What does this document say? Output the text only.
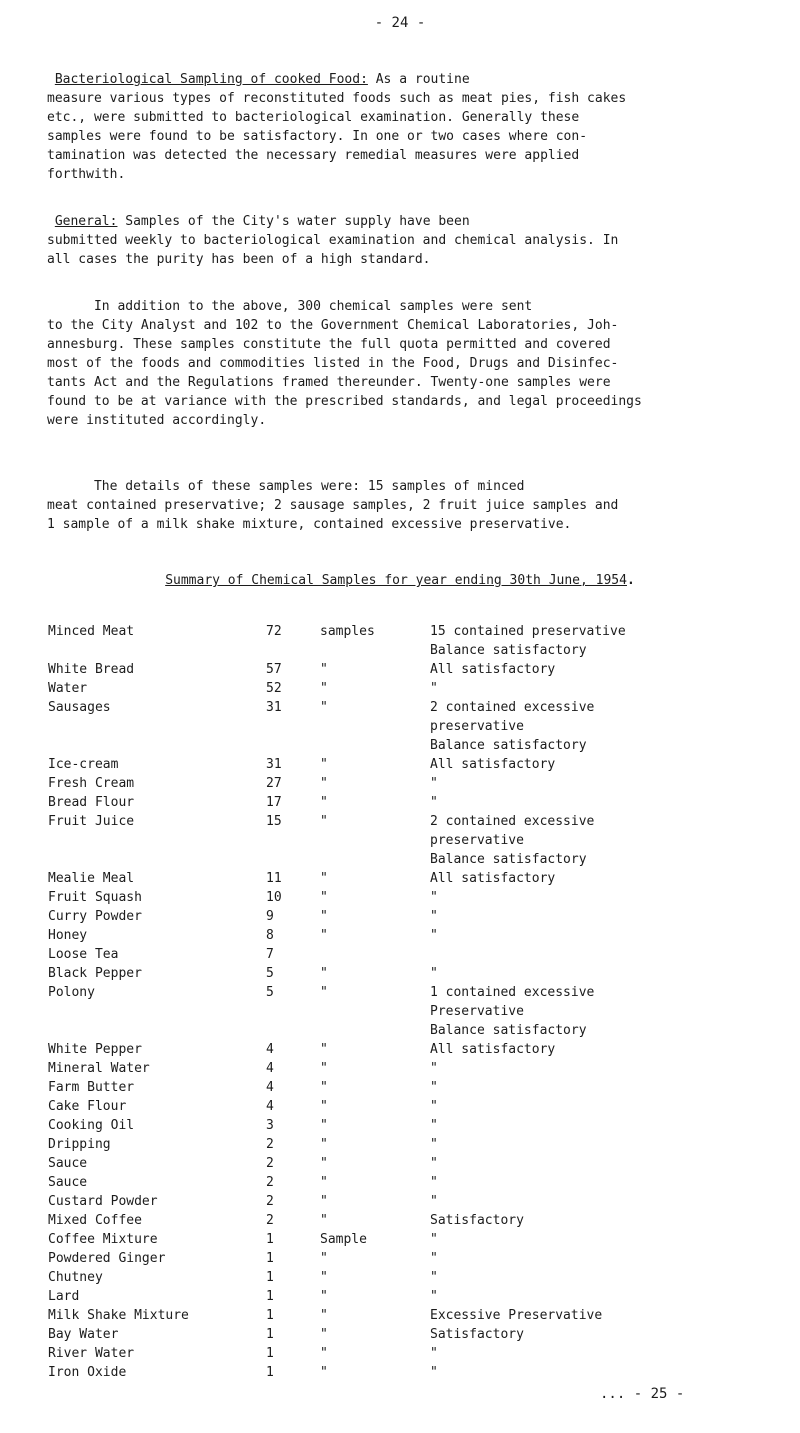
- 24 -
Bacteriological Sampling of cooked Food: As a routine
measure various types of reconstituted foods such as meat pies, fish cakes
etc., were submitted to bacteriological examination. Generally these
samples were found to be satisfactory. In one or two cases where con-
tamination was detected the necessary remedial measures were applied
forthwith.
General: Samples of the City's water supply have been
submitted weekly to bacteriological examination and chemical analysis. In
all cases the purity has been of a high standard.
In addition to the above, 300 chemical samples were sent
to the City Analyst and 102 to the Government Chemical Laboratories, Joh-
annesburg. These samples constitute the full quota permitted and covered
most of the foods and commodities listed in the Food, Drugs and Disinfec-
tants Act and the Regulations framed thereunder. Twenty-one samples were
found to be at variance with the prescribed standards, and legal proceedings
were instituted accordingly.
The details of these samples were: 15 samples of minced
meat contained preservative; 2 sausage samples, 2 fruit juice samples and
1 sample of a milk shake mixture, contained excessive preservative.
Summary of Chemical Samples for year ending 30th June, 1954.
Minced Meat	72	samples	15 contained preservative
Balance satisfactory
White Bread	57	"	All satisfactory
Water	52	"	"
Sausages	31	"	2 contained excessive
preservative
Balance satisfactory
Ice-cream	31	"	All satisfactory
Fresh Cream	27	"	"
Bread Flour	17	"	"
Fruit Juice	15	"	2 contained excessive
preservative
Balance satisfactory
Mealie Meal	11	"	All satisfactory
Fruit Squash	10	"	"
Curry Powder	9	"	"
Honey	8	"	"
Loose Tea	7
Black Pepper	5	"	"
Polony	5	"	1 contained excessive
Preservative
Balance satisfactory
White Pepper	4	"	All satisfactory
Mineral Water	4	"	"
Farm Butter	4	"	"
Cake Flour	4	"	"
Cooking Oil	3	"	"
Dripping	2	"	"
Sauce	2	"	"
Sauce	2	"	"
Custard Powder	2	"	"
Mixed Coffee	2	"	Satisfactory
Coffee Mixture	1	Sample	"
Powdered Ginger	1	"	"
Chutney	1	"	"
Lard	1	"	"
Milk Shake Mixture	1	"	Excessive Preservative
Bay Water	1	"	Satisfactory
River Water	1	"	"
Iron Oxide	1	"	"
... - 25 -
